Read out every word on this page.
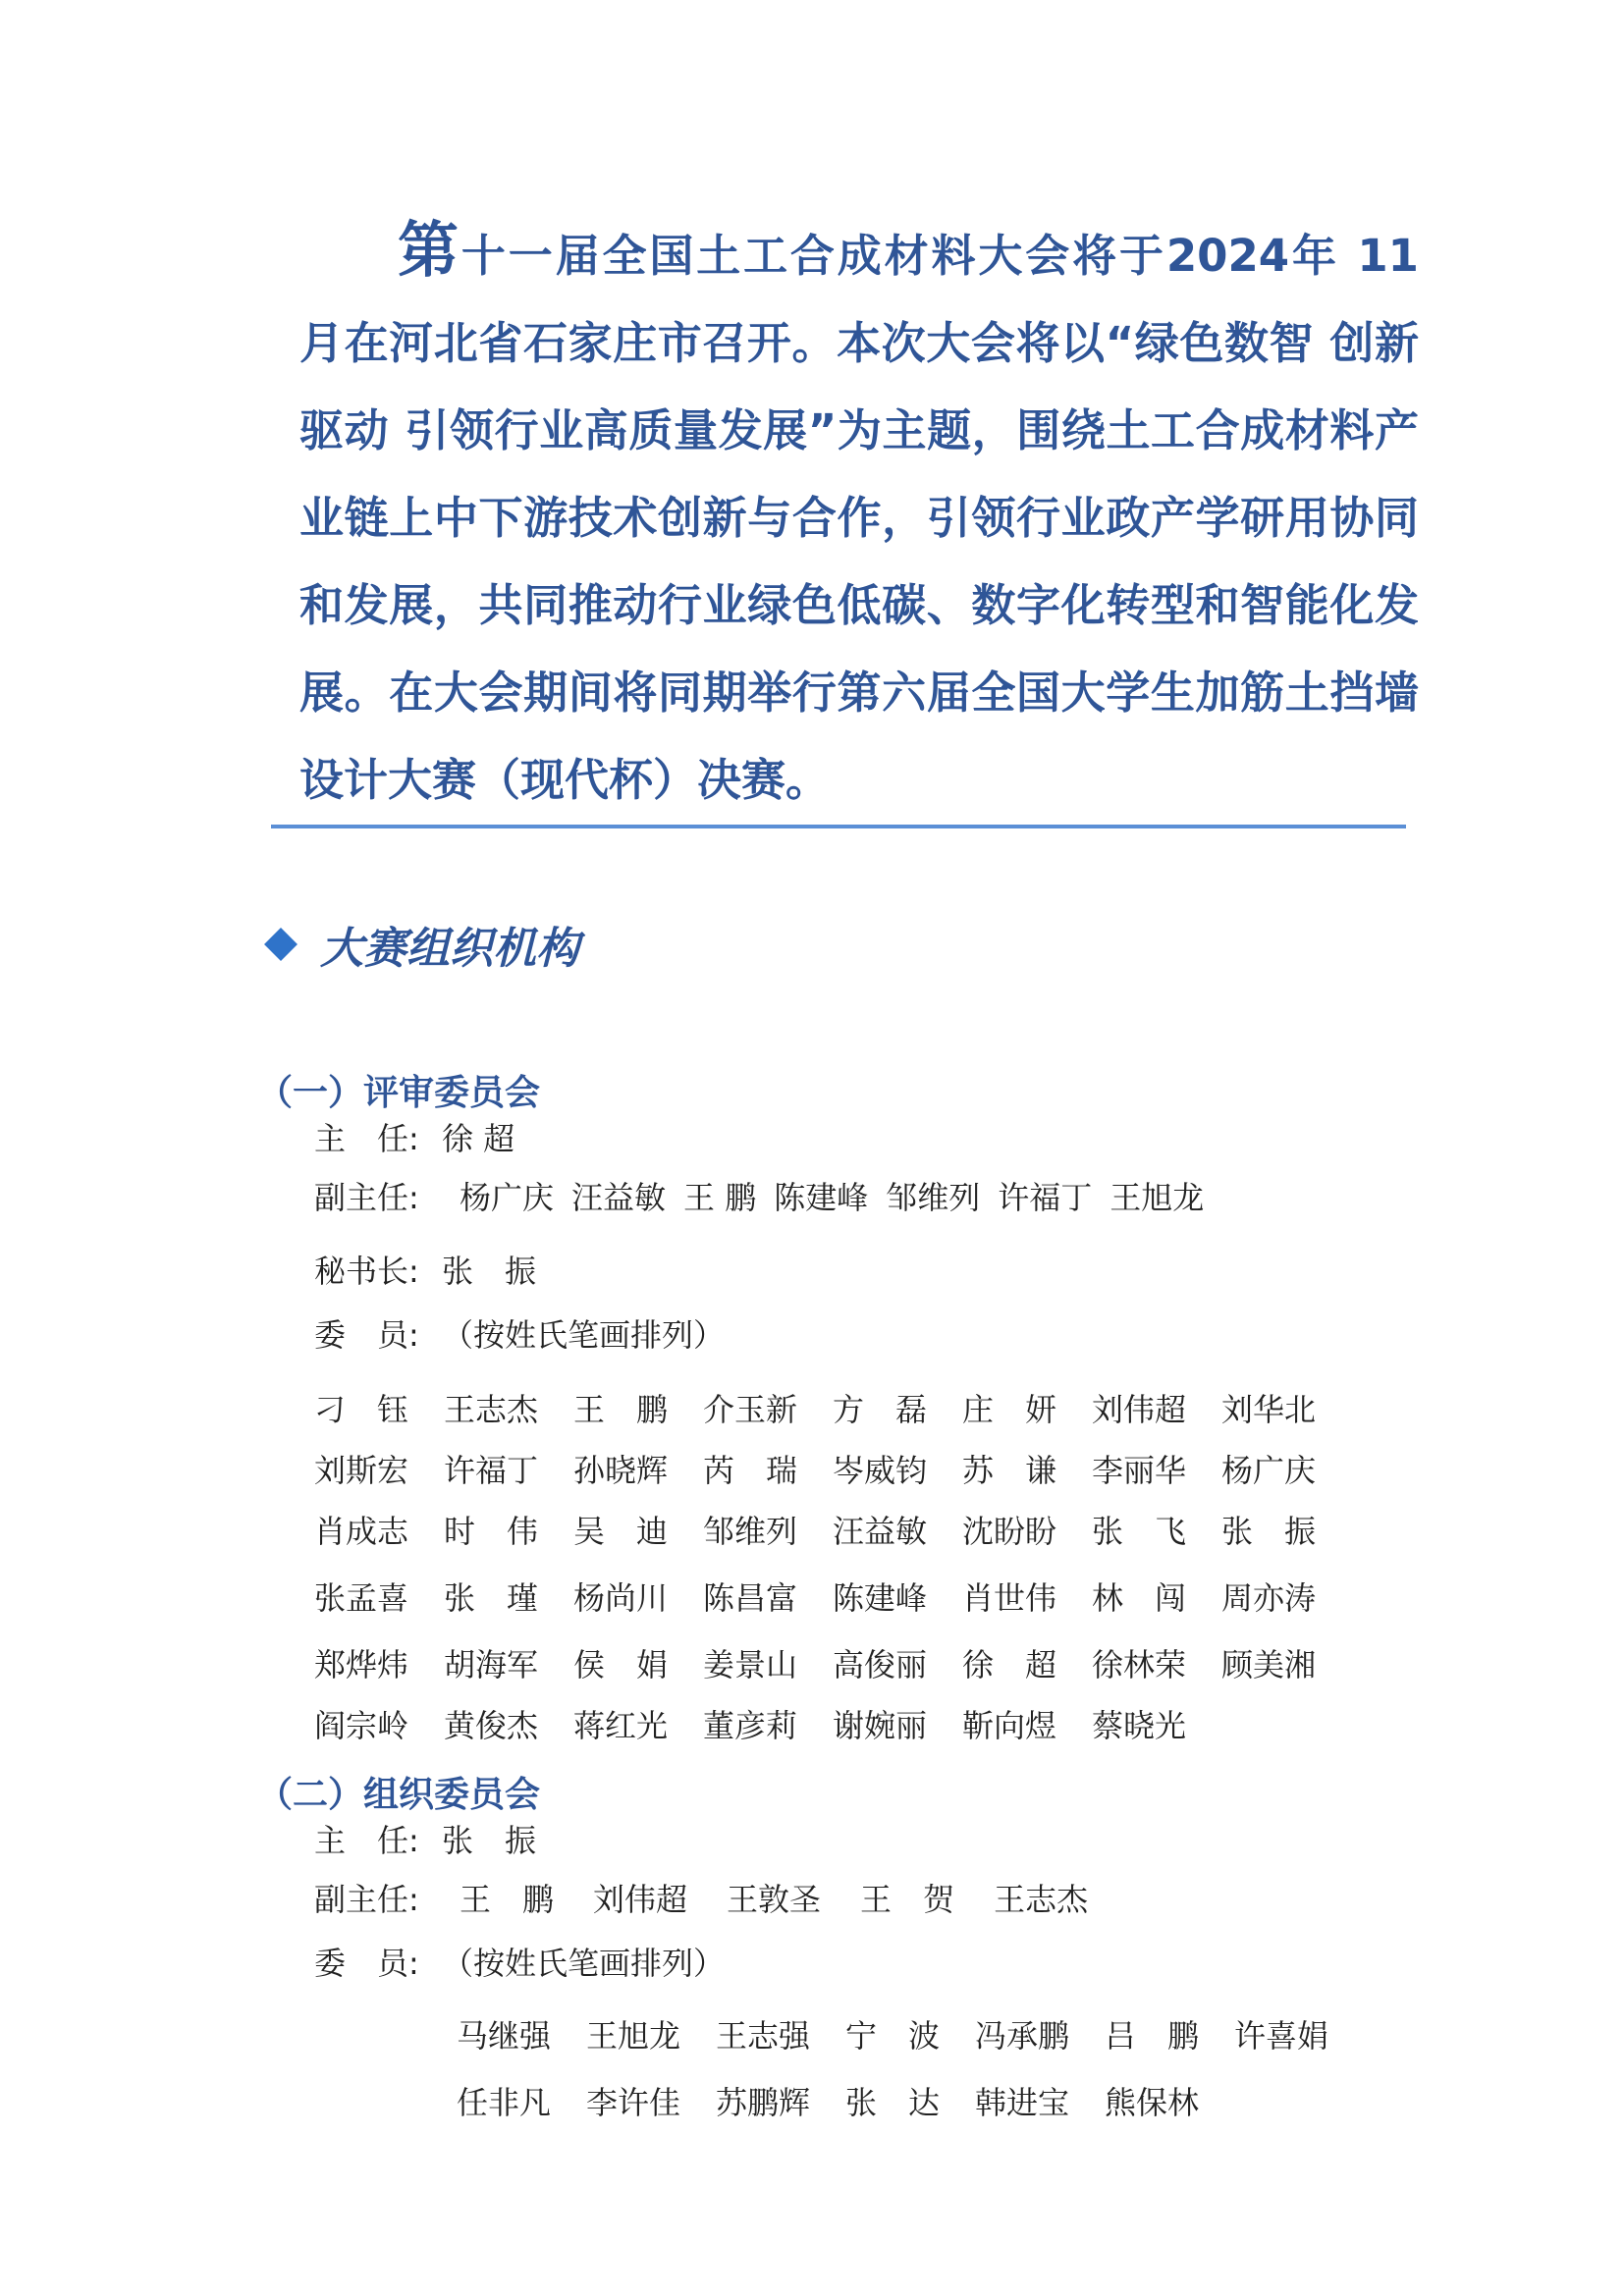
第十一届全国土工合成材料大会将于2024年 11 月在河北省石家庄市召开。本次大会将以“绿色数智 创新驱动 引领行业高质量发展”为主题，围绕土工合成材料产业链上中下游技术创新与合作，引领行业政产学研用协同和发展，共同推动行业绿色低碳、数字化转型和智能化发展。在大会期间将同期举行第六届全国大学生加筋土挡墙设计大赛（现代杯）决赛。
大赛组织机构
（一）评审委员会
主　任: 徐 超
副主任:	杨广庆 汪益敏 王 鹏 陈建峰 邹维列 许福丁 王旭龙
秘书长: 张　振
委　员: （按姓氏笔画排列）
刁　钰	王志杰	王　鹏	介玉新	方　磊	庄　妍	刘伟超	刘华北
刘斯宏	许福丁	孙晓辉	芮　瑞	岑威钧	苏　谦	李丽华	杨广庆
肖成志	时　伟	吴　迪	邹维列	汪益敏	沈盼盼	张　飞	张　振
张孟喜	张　瑾	杨尚川	陈昌富	陈建峰	肖世伟	林　闯	周亦涛
郑烨炜	胡海军	侯　娟	姜景山	高俊丽	徐　超	徐林荣	顾美湘
阎宗岭	黄俊杰	蒋红光	董彦莉	谢婉丽	靳向煜	蔡晓光
（二）组织委员会
主　任: 张　振
副主任:	王　鹏 刘伟超 王敦圣 王　贺 王志杰
委　员: （按姓氏笔画排列）
马继强	王旭龙	王志强	宁　波	冯承鹏	吕　鹏	许喜娟
任非凡	李许佳	苏鹏辉	张　达	韩进宝	熊保林
